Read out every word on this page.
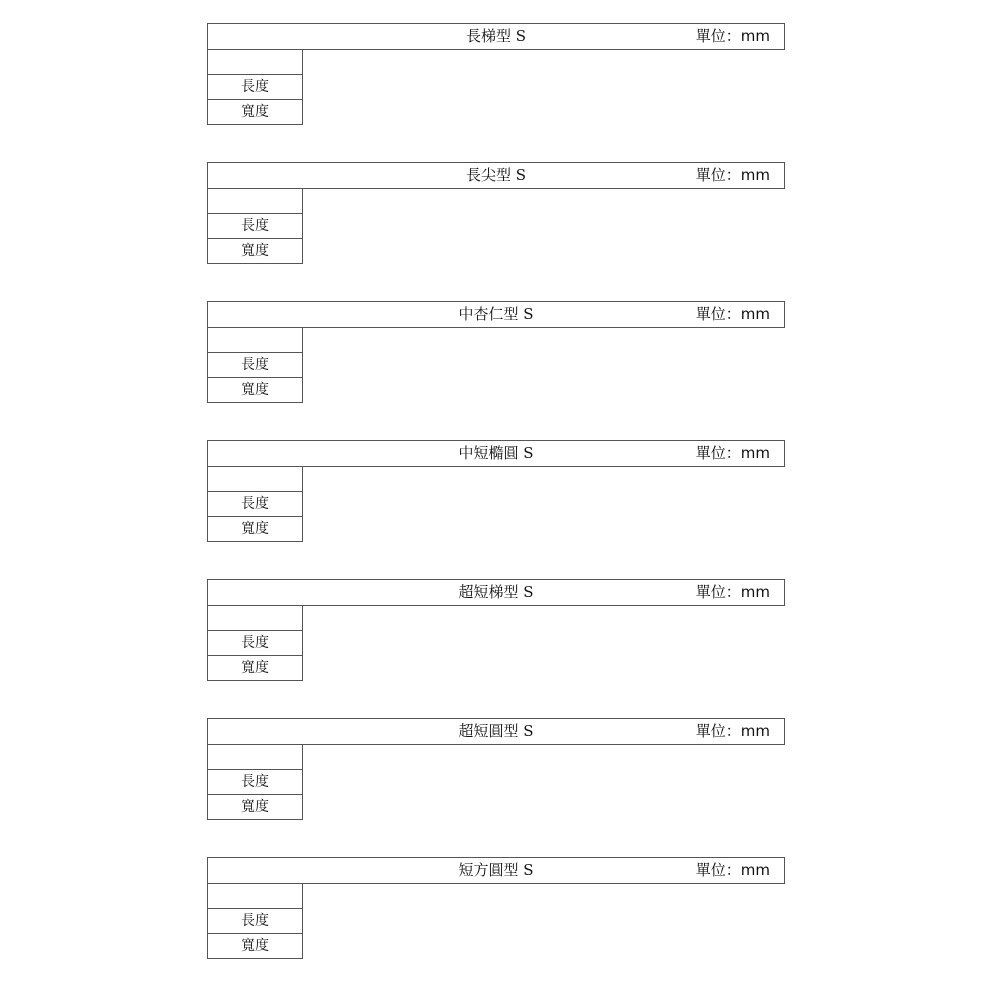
長梯型 S	單位：mm

長度
寬度
長尖型 S	單位：mm

長度
寬度
中杏仁型 S	單位：mm

長度
寬度
中短橢圓 S	單位：mm

長度
寬度
超短梯型 S	單位：mm

長度
寬度
超短圓型 S	單位：mm

長度
寬度
短方圓型 S	單位：mm

長度
寬度
